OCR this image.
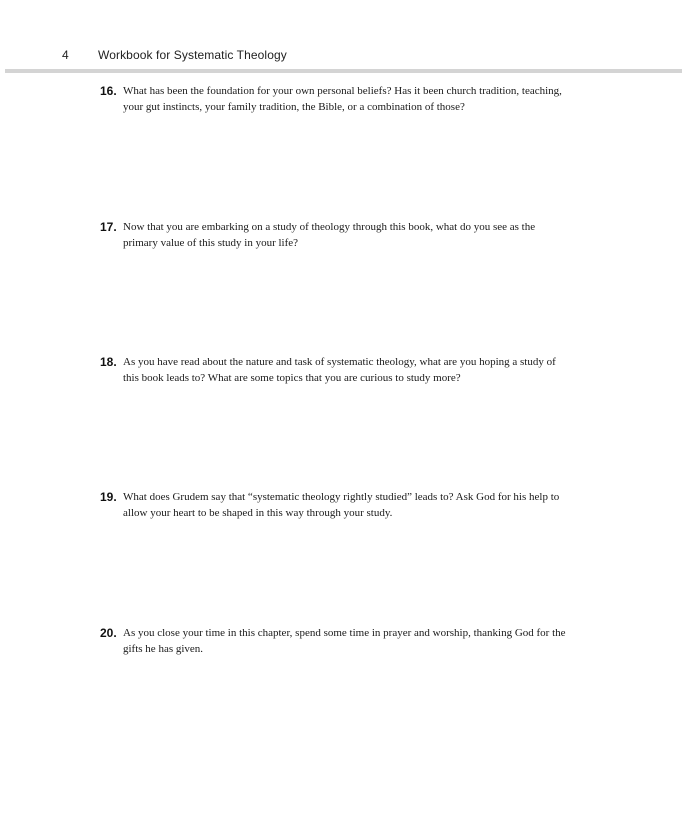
4 Workbook for Systematic Theology
16. What has been the foundation for your own personal beliefs? Has it been church tradition, teaching, your gut instincts, your family tradition, the Bible, or a combination of those?
17. Now that you are embarking on a study of theology through this book, what do you see as the primary value of this study in your life?
18. As you have read about the nature and task of systematic theology, what are you hoping a study of this book leads to? What are some topics that you are curious to study more?
19. What does Grudem say that “systematic theology rightly studied” leads to? Ask God for his help to allow your heart to be shaped in this way through your study.
20. As you close your time in this chapter, spend some time in prayer and worship, thanking God for the gifts he has given.
